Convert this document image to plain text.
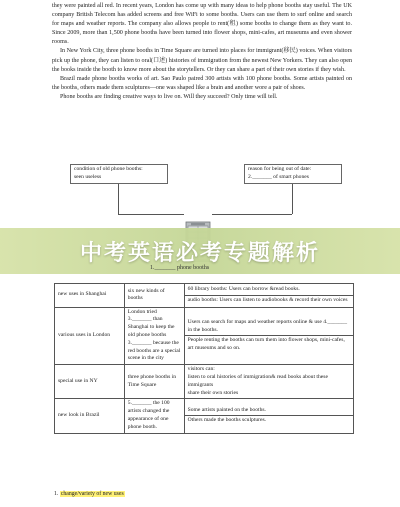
they were painted all red. In recent years, London has come up with many ideas to help phone booths stay useful. The UK company British Telecom has added screens and free WiFi to some booths. Users can use them to surf online and search for maps and weather reports. The company also allows people to rent(租) some booths to change them as they want to. Since 2009, more than 1,500 phone booths have been turned into flower shops, mini-cafes, art museums and even shower rooms.

In New York City, three phone booths in Time Square are turned into places for immigrant(移民) voices. When visitors pick up the phone, they can listen to oral(口述) histories of immigration from the newest New Yorkers. They can also open the books inside the booth to know more about the storytellers. Or they can share a part of their own stories if they wish.

Brazil made phone booths works of art. Sao Paulo paired 300 artists with 100 phone booths. Some artists painted on the booths, others made them sculptures—one was shaped like a brain and another wore a pair of shoes.

Phone booths are finding creative ways to live on. Will they succeed? Only time will tell.

condition of old phone booths:
seen useless
reason for being out of date:
2._______ of smart phones
中考英语必考专题解析
1._______ phone booths
new uses in Shanghai	six new kinds of booths	60 library booths: Users can borrow &read books.
audio booths: Users can listen to audiobooks & record their own voices

various uses in London	London tried 3._______ than Shanghai to keep the old phone booths 3._______ because the red booths are a special scene in the city	Users can search for maps and weather reports online & use 4._______ in the booths.
People renting the booths can turn them into flower shops, mini-cafes, art museums and so on.

special use in NY	three phone booths in Time Square	visitors can:
listen to oral histories of immigration& read books about these immigrants
share their own stories

new look in Brazil	5._______ the 100 artists changed the appearance of one phone booth.	Some artists painted on the booths.
Others made the booths sculptures.
1. change/variety of new uses
